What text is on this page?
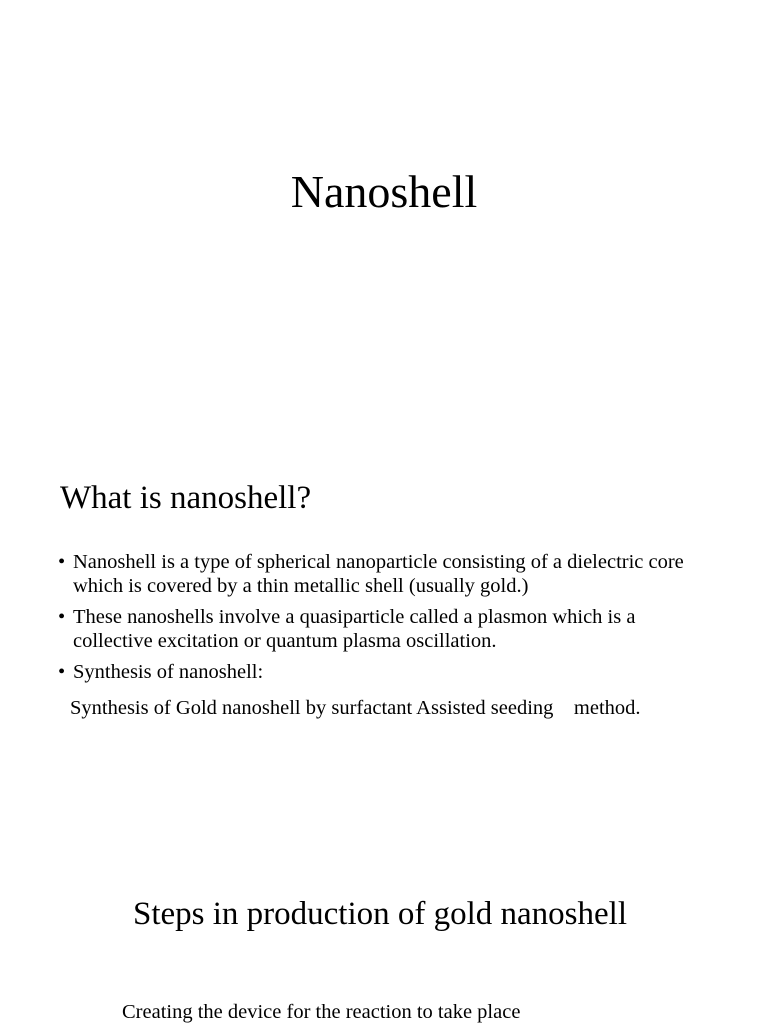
Nanoshell
What is nanoshell?
• Nanoshell is a type of spherical nanoparticle consisting of a dielectric core which is covered by a thin metallic shell (usually gold.)
• These nanoshells involve a quasiparticle called a plasmon which is a collective excitation or quantum plasma oscillation.
• Synthesis of nanoshell:

Synthesis of Gold nanoshell by surfactant Assisted seeding    method.

Steps in production of gold nanoshell

Creating the device for the reaction to take place
